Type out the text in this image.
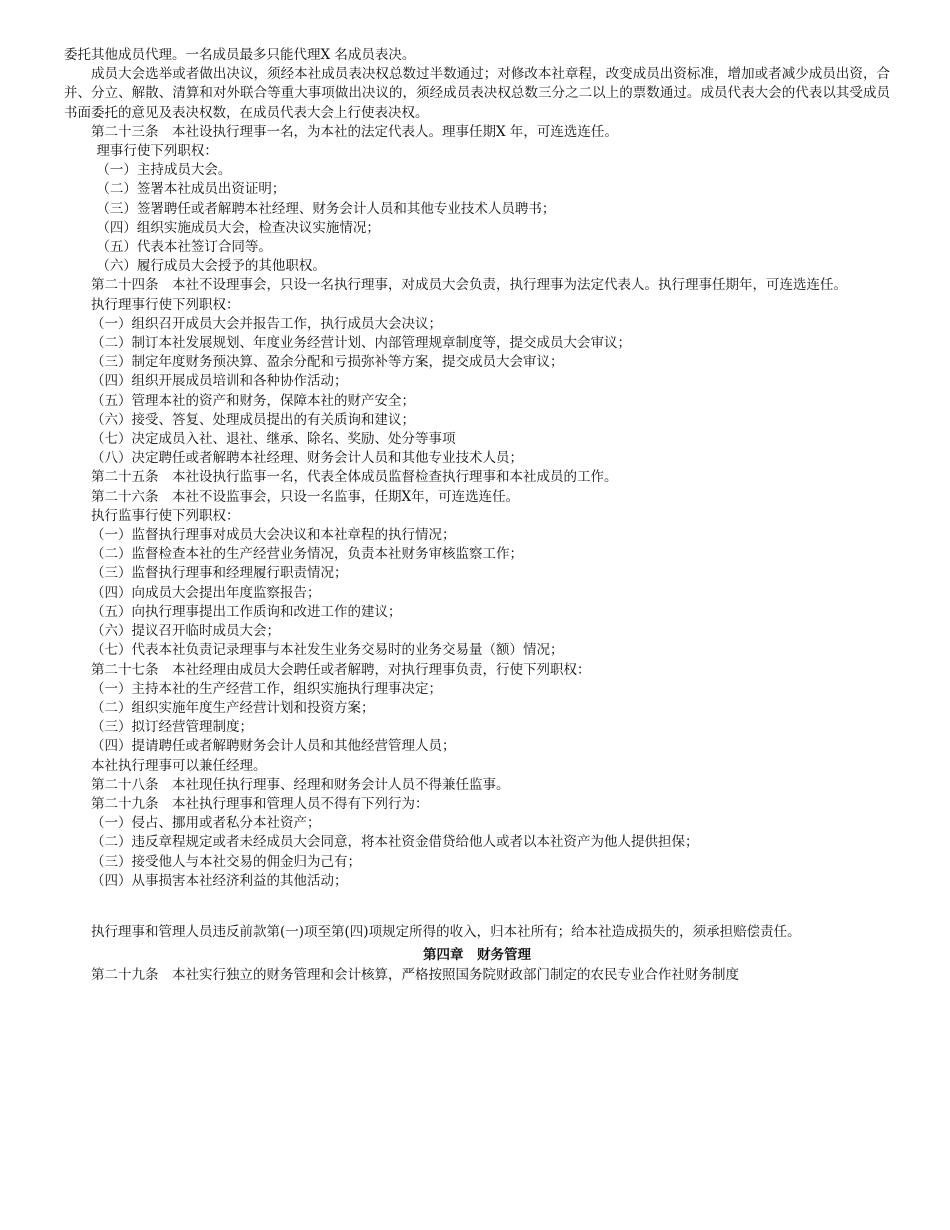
委托其他成员代理。一名成员最多只能代理X 名成员表决。
成员大会选举或者做出决议，须经本社成员表决权总数过半数通过；对修改本社章程，改变成员出资标准，增加或者减少成员出资，合并、分立、解散、清算和对外联合等重大事项做出决议的，须经成员表决权总数三分之二以上的票数通过。成员代表大会的代表以其受成员书面委托的意见及表决权数，在成员代表大会上行使表决权。
第二十三条　本社设执行理事一名，为本社的法定代表人。理事任期X 年，可连选连任。
理事行使下列职权：
（一）主持成员大会。
（二）签署本社成员出资证明；
（三）签署聘任或者解聘本社经理、财务会计人员和其他专业技术人员聘书；
（四）组织实施成员大会，检查决议实施情况；
（五）代表本社签订合同等。
（六）履行成员大会授予的其他职权。
第二十四条　本社不设理事会，只设一名执行理事，对成员大会负责，执行理事为法定代表人。执行理事任期年，可连选连任。
执行理事行使下列职权：
（一）组织召开成员大会并报告工作，执行成员大会决议；
（二）制订本社发展规划、年度业务经营计划、内部管理规章制度等，提交成员大会审议；
（三）制定年度财务预决算、盈余分配和亏损弥补等方案，提交成员大会审议；
（四）组织开展成员培训和各种协作活动；
（五）管理本社的资产和财务，保障本社的财产安全；
（六）接受、答复、处理成员提出的有关质询和建议；
（七）决定成员入社、退社、继承、除名、奖励、处分等事项
（八）决定聘任或者解聘本社经理、财务会计人员和其他专业技术人员；
第二十五条　本社设执行监事一名，代表全体成员监督检查执行理事和本社成员的工作。
第二十六条　本社不设监事会，只设一名监事，任期X年，可连选连任。
执行监事行使下列职权：
（一）监督执行理事对成员大会决议和本社章程的执行情况；
（二）监督检查本社的生产经营业务情况，负责本社财务审核监察工作；
（三）监督执行理事和经理履行职责情况；
（四）向成员大会提出年度监察报告；
（五）向执行理事提出工作质询和改进工作的建议；
（六）提议召开临时成员大会；
（七）代表本社负责记录理事与本社发生业务交易时的业务交易量（额）情况；
第二十七条　本社经理由成员大会聘任或者解聘，对执行理事负责，行使下列职权：
（一）主持本社的生产经营工作，组织实施执行理事决定；
（二）组织实施年度生产经营计划和投资方案；
（三）拟订经营管理制度；
（四）提请聘任或者解聘财务会计人员和其他经营管理人员；
本社执行理事可以兼任经理。
第二十八条　本社现任执行理事、经理和财务会计人员不得兼任监事。
第二十九条　本社执行理事和管理人员不得有下列行为：
（一）侵占、挪用或者私分本社资产；
（二）违反章程规定或者未经成员大会同意，将本社资金借贷给他人或者以本社资产为他人提供担保；
（三）接受他人与本社交易的佣金归为己有；
（四）从事损害本社经济利益的其他活动；
执行理事和管理人员违反前款第(一)项至第(四)项规定所得的收入，归本社所有；给本社造成损失的，须承担赔偿责任。
第四章　财务管理
第二十九条　本社实行独立的财务管理和会计核算，严格按照国务院财政部门制定的农民专业合作社财务制度
